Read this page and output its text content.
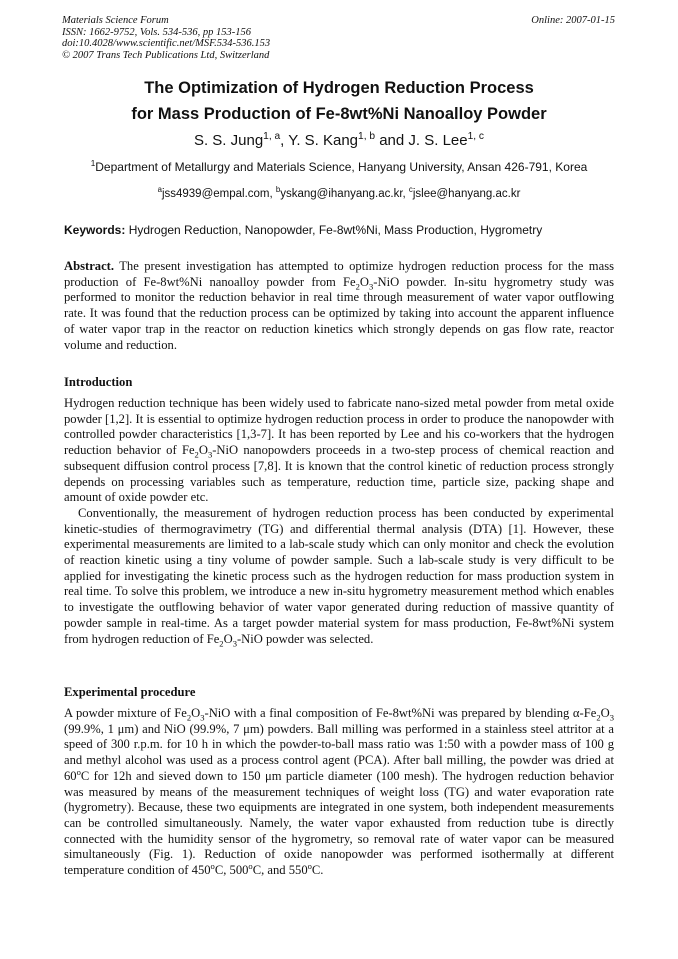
Materials Science Forum
ISSN: 1662-9752, Vols. 534-536, pp 153-156
doi:10.4028/www.scientific.net/MSF.534-536.153
© 2007 Trans Tech Publications Ltd, Switzerland
Online: 2007-01-15
The Optimization of Hydrogen Reduction Process
for Mass Production of Fe-8wt%Ni Nanoalloy Powder
S. S. Jung$^{1, a}$, Y. S. Kang$^{1, b}$ and J. S. Lee$^{1, c}$
$^1$Department of Metallurgy and Materials Science, Hanyang University, Ansan 426-791, Korea
$^a$jss4939@empal.com, $^b$yskang@ihanyang.ac.kr, $^c$jslee@hanyang.ac.kr
Keywords: Hydrogen Reduction, Nanopowder, Fe-8wt%Ni, Mass Production, Hygrometry

Abstract. The present investigation has attempted to optimize hydrogen reduction process for the mass production of Fe-8wt%Ni nanoalloy powder from $Fe_2O_3$-NiO powder. In-situ hygrometry study was performed to monitor the reduction behavior in real time through measurement of water vapor outflowing rate. It was found that the reduction process can be optimized by taking into account the apparent influence of water vapor trap in the reactor on reduction kinetics which strongly depends on gas flow rate, reactor volume and reduction.

Introduction

Hydrogen reduction technique has been widely used to fabricate nano-sized metal powder from metal oxide powder [1,2]. It is essential to optimize hydrogen reduction process in order to produce the nanopowder with controlled powder characteristics [1,3-7]. It has been reported by Lee and his co-workers that the hydrogen reduction behavior of $Fe_2O_3$-NiO nanopowders proceeds in a two-step process of chemical reaction and subsequent diffusion control process [7,8]. It is known that the control kinetic of reduction process strongly depends on processing variables such as temperature, reduction time, particle size, packing shape and amount of oxide powder etc.

Conventionally, the measurement of hydrogen reduction process has been conducted by experimental kinetic-studies of thermogravimetry (TG) and differential thermal analysis (DTA) [1]. However, these experimental measurements are limited to a lab-scale study which can only monitor and check the evolution of reaction kinetic using a tiny volume of powder sample. Such a lab-scale study is very difficult to be applied for investigating the kinetic process such as the hydrogen reduction for mass production system in real time. To solve this problem, we introduce a new in-situ hygrometry measurement method which enables to investigate the outflowing behavior of water vapor generated during reduction of massive quantity of powder sample in real-time. As a target powder material system for mass production, Fe-8wt%Ni system from hydrogen reduction of $Fe_2O_3$-NiO powder was selected.

Experimental procedure

A powder mixture of $Fe_2O_3$-NiO with a final composition of Fe-8wt%Ni was prepared by blending $\alpha-Fe_2O_3$ (99.9%, 1 μm) and NiO (99.9%, 7 μm) powders. Ball milling was performed in a stainless steel attritor at a speed of 300 r.p.m. for 10 h in which the powder-to-ball mass ratio was 1:50 with a powder mass of 100 g and methyl alcohol was used as a process control agent (PCA). After ball milling, the powder was dried at 60$^o$C for 12h and sieved down to 150 μm particle diameter (100 mesh). The hydrogen reduction behavior was measured by means of the measurement techniques of weight loss (TG) and water evaporation rate (hygrometry). Because, these two equipments are integrated in one system, both independent measurements can be controlled simultaneously. Namely, the water vapor exhausted from reduction tube is directly connected with the humidity sensor of the hygrometry, so removal rate of water vapor can be measured simultaneously (Fig. 1). Reduction of oxide nanopowder was performed isothermally at different temperature condition of 450$^o$C, 500$^o$C, and 550$^o$C.
